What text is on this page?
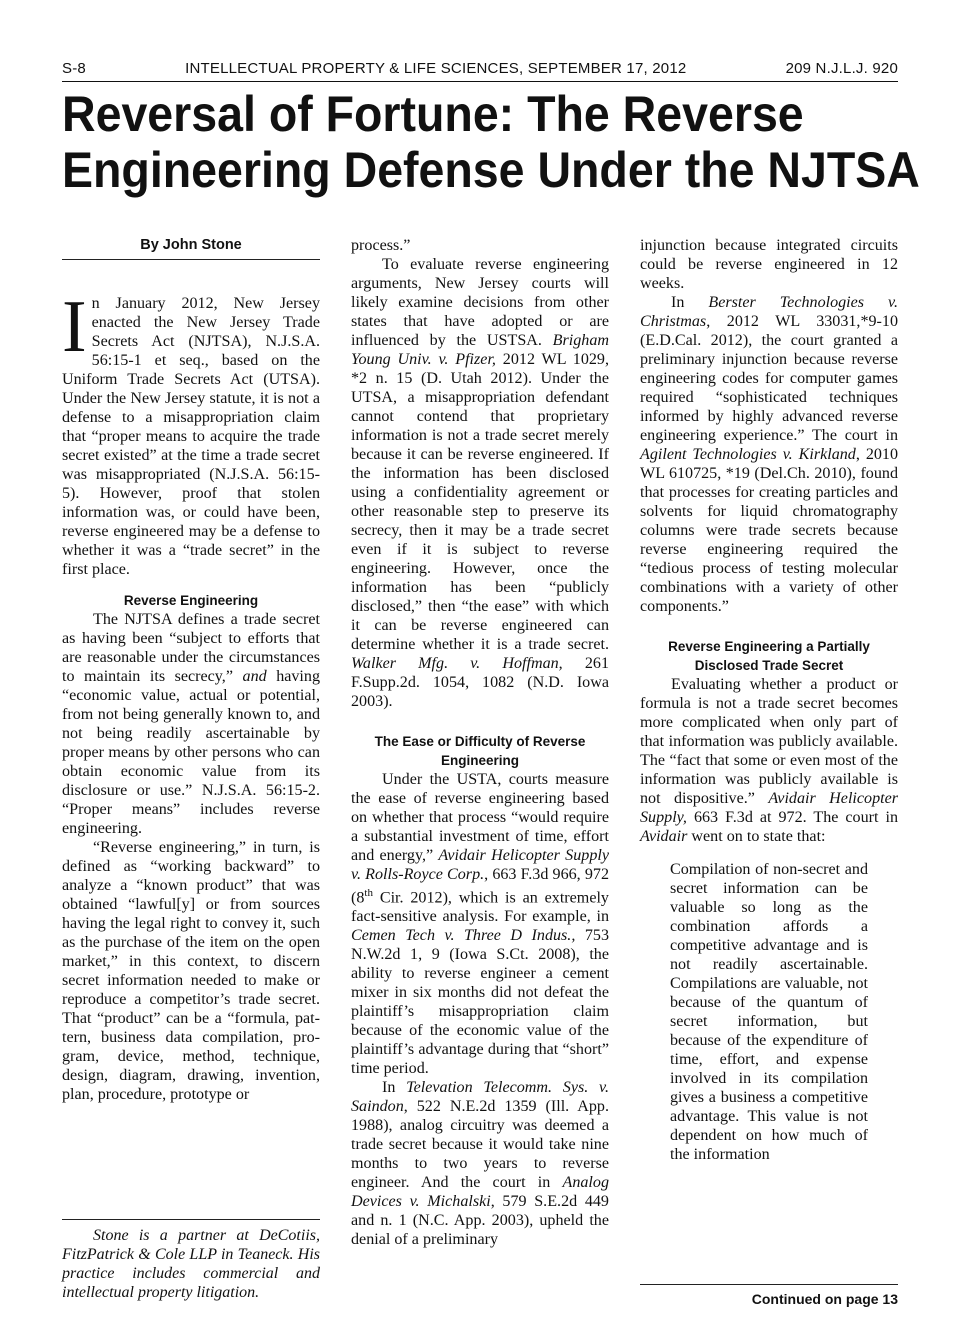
S-8	INTELLECTUAL PROPERTY & LIFE SCIENCES, SEPTEMBER 17, 2012	209 N.J.L.J. 920
Reversal of Fortune: The Reverse
Engineering Defense Under the NJTSA
By John Stone

In January 2012, New Jersey enacted the New Jersey Trade Secrets Act (NJTSA), N.J.S.A. 56:15-1 et seq., based on the Uniform Trade Secrets Act (UTSA). Under the New Jersey statute, it is not a defense to a misappropriation claim that “proper means to acquire the trade secret existed” at the time a trade secret was misappropriated (N.J.S.A. 56:15-5). However, proof that stolen information was, or could have been, reverse engineered may be a defense to whether it was a “trade secret” in the first place.

Reverse Engineering

The NJTSA defines a trade secret as having been “subject to efforts that are reasonable under the circumstances to maintain its secrecy,” and having “economic value, actual or potential, from not being generally known to, and not being readily ascertainable by proper means by other persons who can obtain economic value from its disclosure or use.” N.J.S.A. 56:15-2. “Proper means” includes reverse engineering.

“Reverse engineering,” in turn, is defined as “working backward” to analyze a “known product” that was obtained “lawful[y] or from sources having the legal right to convey it, such as the purchase of the item on the open market,” in this context, to discern secret information needed to make or reproduce a competitor’s trade secret. That “product” can be a “formula, pattern, business data compilation, program, device, method, technique, design, diagram, drawing, invention, plan, procedure, prototype or

Stone is a partner at DeCotiis, FitzPatrick & Cole LLP in Teaneck. His practice includes commercial and intellectual property litigation.

process.”

To evaluate reverse engineering arguments, New Jersey courts will likely examine decisions from other states that have adopted or are influenced by the USTSA. Brigham Young Univ. v. Pfizer, 2012 WL 1029, *2 n. 15 (D. Utah 2012). Under the UTSA, a misappropriation defendant cannot contend that proprietary information is not a trade secret merely because it can be reverse engineered. If the information has been disclosed using a confidentiality agreement or other reasonable step to preserve its secrecy, then it may be a trade secret even if it is subject to reverse engineering. However, once the information has been “publicly disclosed,” then “the ease” with which it can be reverse engineered can determine whether it is a trade secret. Walker Mfg. v. Hoffman, 261 F.Supp.2d. 1054, 1082 (N.D. Iowa 2003).

The Ease or Difficulty of Reverse
Engineering

Under the USTA, courts measure the ease of reverse engineering based on whether that process “would require a substantial investment of time, effort and energy,” Avidair Helicopter Supply v. Rolls-Royce Corp., 663 F.3d 966, 972 (8th Cir. 2012), which is an extremely fact-sensitive analysis. For example, in Cemen Tech v. Three D Indus., 753 N.W.2d 1, 9 (Iowa S.Ct. 2008), the ability to reverse engineer a cement mixer in six months did not defeat the plaintiff’s misappropriation claim because of the economic value of the plaintiff’s advantage during that “short” time period.

In Televation Telecomm. Sys. v. Saindon, 522 N.E.2d 1359 (Ill. App. 1988), analog circuitry was deemed a trade secret because it would take nine months to two years to reverse engineer. And the court in Analog Devices v. Michalski, 579 S.E.2d 449 and n. 1 (N.C. App. 2003), upheld the denial of a preliminary

injunction because integrated circuits could be reverse engineered in 12 weeks.

In Berster Technologies v. Christmas, 2012 WL 33031,*9-10 (E.D.Cal. 2012), the court granted a preliminary injunction because reverse engineering codes for computer games required “sophisticated techniques informed by highly advanced reverse engineering experience.” The court in Agilent Technologies v. Kirkland, 2010 WL 610725, *19 (Del.Ch. 2010), found that processes for creating particles and solvents for liquid chromatography columns were trade secrets because reverse engineering required the “tedious process of testing molecular combinations with a variety of other components.”

Reverse Engineering a Partially
Disclosed Trade Secret

Evaluating whether a product or formula is not a trade secret becomes more complicated when only part of that information was publicly available. The “fact that some or even most of the information was publicly available is not dispositive.” Avidair Helicopter Supply, 663 F.3d at 972. The court in Avidair went on to state that:

Compilation of non-secret and secret information can be valuable so long as the combination affords a competitive advantage and is not readily ascertainable. Compilations are valuable, not because of the quantum of secret information, but because of the expenditure of time, effort, and expense involved in its compilation gives a business a competitive advantage. This value is not dependent on how much of the information

Continued on page 13
